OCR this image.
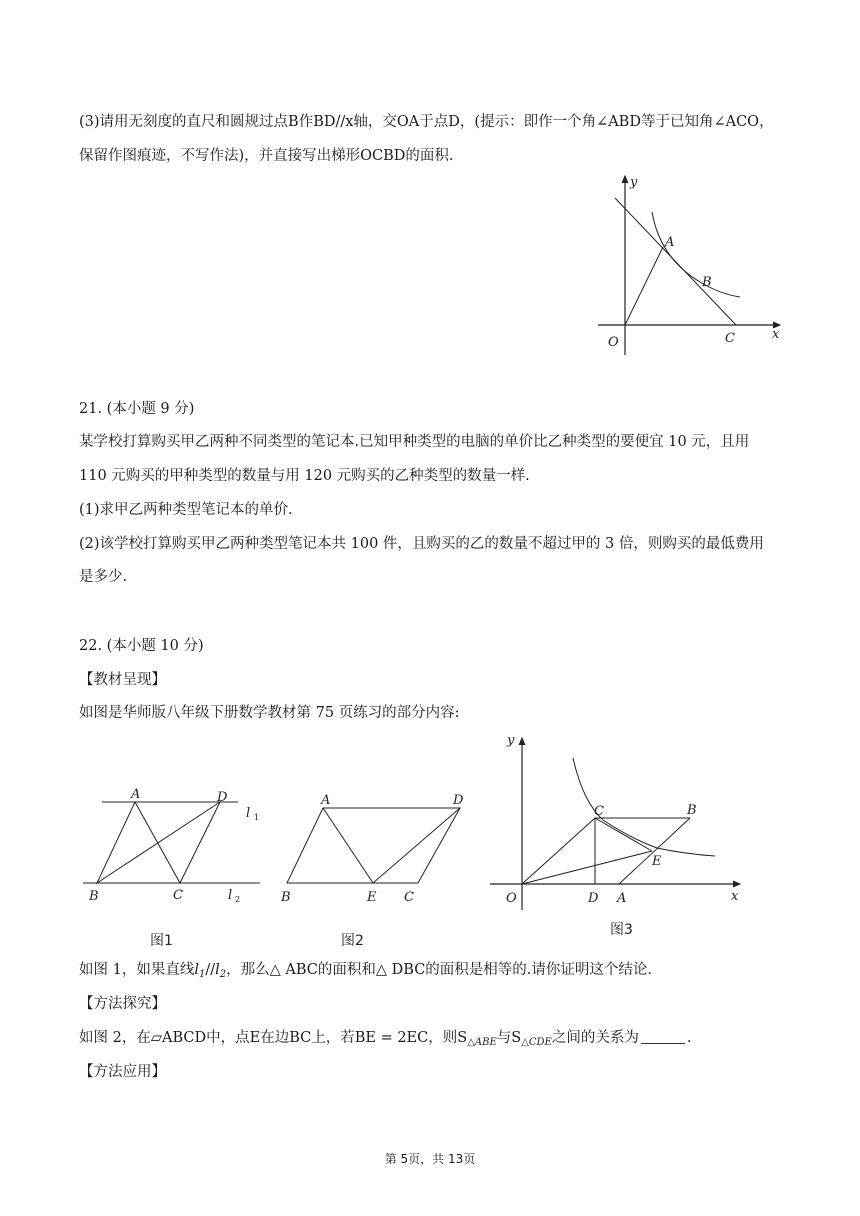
(3)请用无刻度的直尺和圆规过点B作BD//x轴，交OA于点D，(提示：即作一个角∠ABD等于已知角∠ACO，
保留作图痕迹，不写作法)，并直接写出梯形OCBD的面积.
y
x
O
A
B
C
21. (本小题 9 分)
某学校打算购买甲乙两种不同类型的笔记本.已知甲种类型的电脑的单价比乙种类型的要便宜 10 元，且用
110 元购买的甲种类型的数量与用 120 元购买的乙种类型的数量一样.
(1)求甲乙两种类型笔记本的单价.
(2)该学校打算购买甲乙两种类型笔记本共 100 件，且购买的乙的数量不超过甲的 3 倍，则购买的最低费用
是多少.
22. (本小题 10 分)
【教材呈现】
如图是华师版八年级下册数学教材第 75 页练习的部分内容:
A	D
B	C
l 1
l 2
图1
A	D
B	E C
图2
y
x
O
C	B
E
D A
图3
如图 1，如果直线$l_1//l_2$，那么△ ABC的面积和△ DBC的面积是相等的.请你证明这个结论.
【方法探究】
如图 2，在▱ABCD中，点E在边BC上，若BE = 2EC，则$S_{\triangle ABE}$与$S_{\triangle CDE}$之间的关系为	.
【方法应用】
第 5页，共 13页
